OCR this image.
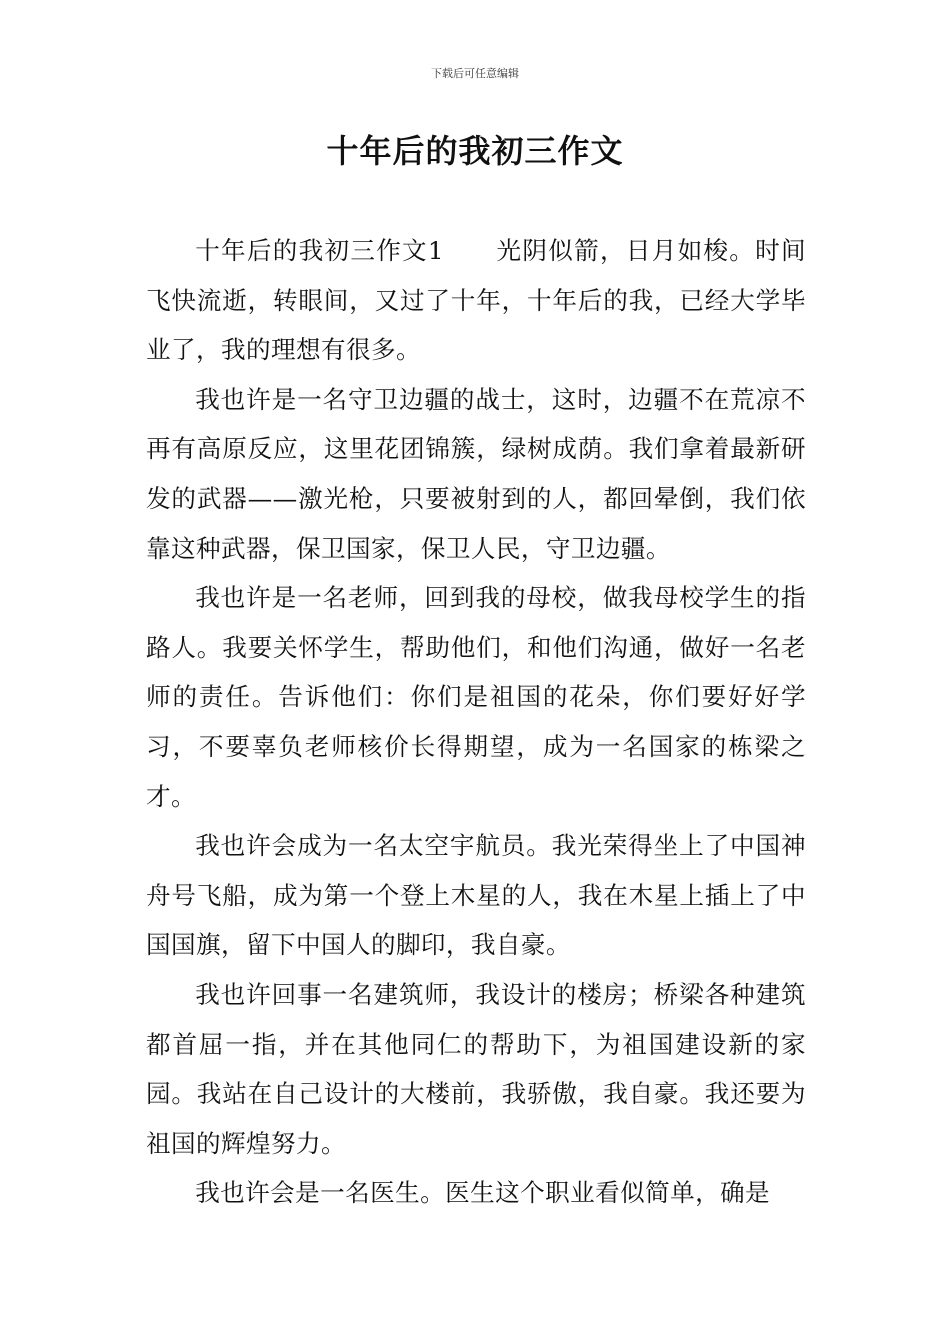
下载后可任意编辑
十年后的我初三作文

十年后的我初三作文1　　光阴似箭，日月如梭。时间飞快流逝，转眼间，又过了十年，十年后的我，已经大学毕业了，我的理想有很多。

我也许是一名守卫边疆的战士，这时，边疆不在荒凉不再有高原反应，这里花团锦簇，绿树成荫。我们拿着最新研发的武器——激光枪，只要被射到的人，都回晕倒，我们依靠这种武器，保卫国家，保卫人民，守卫边疆。

我也许是一名老师，回到我的母校，做我母校学生的指路人。我要关怀学生，帮助他们，和他们沟通，做好一名老师的责任。告诉他们：你们是祖国的花朵，你们要好好学习，不要辜负老师核价长得期望，成为一名国家的栋梁之才。

我也许会成为一名太空宇航员。我光荣得坐上了中国神舟号飞船，成为第一个登上木星的人，我在木星上插上了中国国旗，留下中国人的脚印，我自豪。

我也许回事一名建筑师，我设计的楼房；桥梁各种建筑都首屈一指，并在其他同仁的帮助下，为祖国建设新的家园。我站在自己设计的大楼前，我骄傲，我自豪。我还要为祖国的辉煌努力。

我也许会是一名医生。医生这个职业看似简单，确是
